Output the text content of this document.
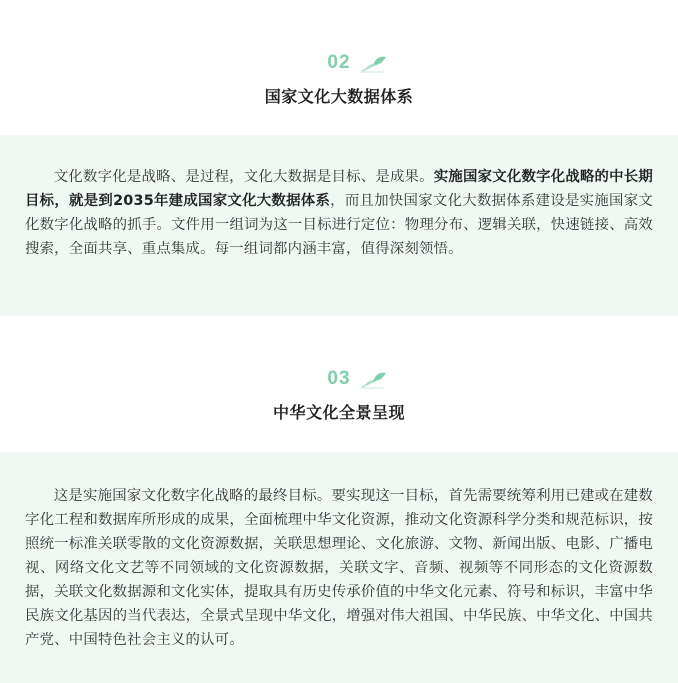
02
国家文化大数据体系

文化数字化是战略、是过程，文化大数据是目标、是成果。实施国家文化数字化战略的中长期目标，就是到2035年建成国家文化大数据体系，而且加快国家文化大数据体系建设是实施国家文化数字化战略的抓手。文件用一组词为这一目标进行定位：物理分布、逻辑关联，快速链接、高效搜索，全面共享、重点集成。每一组词都内涵丰富，值得深刻领悟。

03
中华文化全景呈现

这是实施国家文化数字化战略的最终目标。要实现这一目标，首先需要统筹利用已建或在建数字化工程和数据库所形成的成果，全面梳理中华文化资源，推动文化资源科学分类和规范标识，按照统一标准关联零散的文化资源数据，关联思想理论、文化旅游、文物、新闻出版、电影、广播电视、网络文化文艺等不同领域的文化资源数据，关联文字、音频、视频等不同形态的文化资源数据，关联文化数据源和文化实体，提取具有历史传承价值的中华文化元素、符号和标识，丰富中华民族文化基因的当代表达，全景式呈现中华文化，增强对伟大祖国、中华民族、中华文化、中国共产党、中国特色社会主义的认可。
